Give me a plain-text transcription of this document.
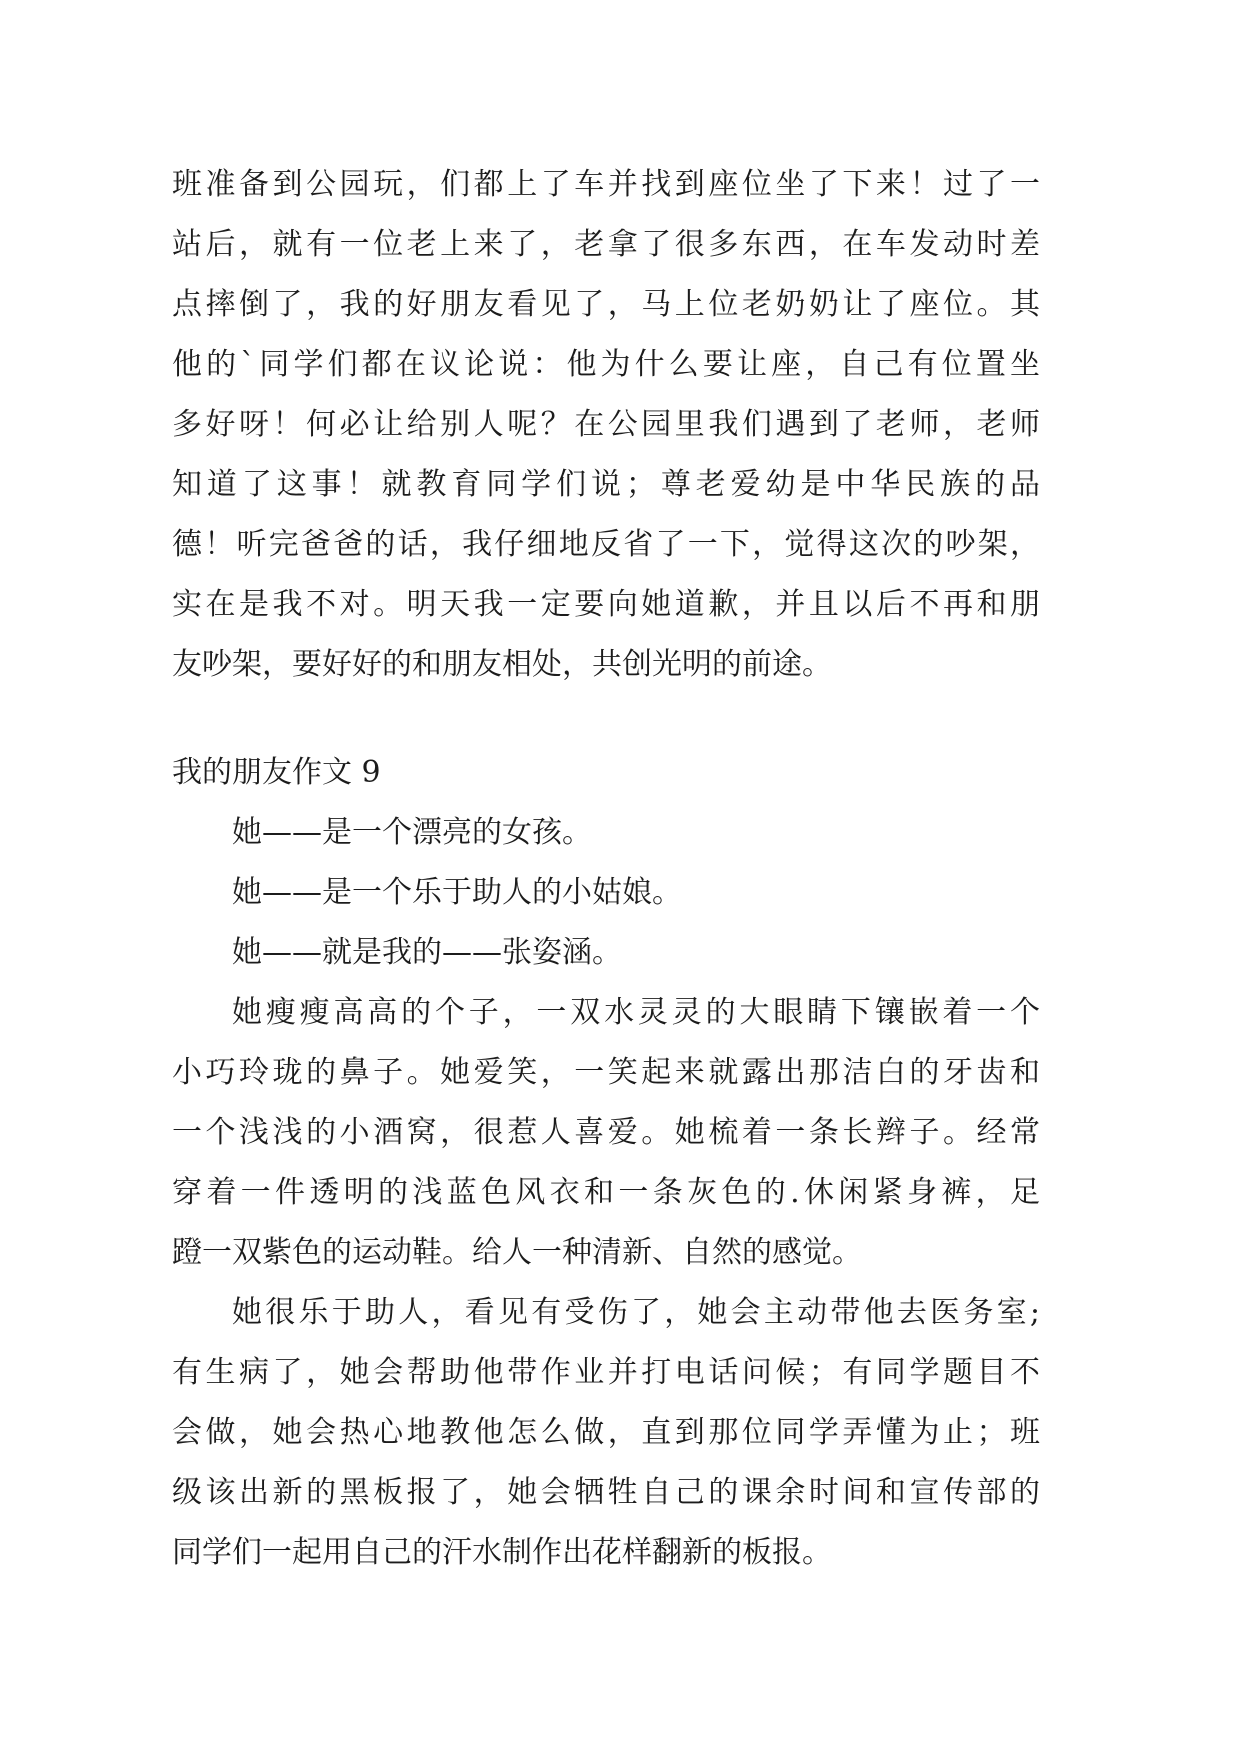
班准备到公园玩，们都上了车并找到座位坐了下来！过了一
站后，就有一位老上来了，老拿了很多东西，在车发动时差
点摔倒了，我的好朋友看见了，马上位老奶奶让了座位。其
他的`同学们都在议论说：他为什么要让座，自己有位置坐
多好呀！何必让给别人呢？在公园里我们遇到了老师，老师
知道了这事！就教育同学们说；尊老爱幼是中华民族的品
德！听完爸爸的话，我仔细地反省了一下，觉得这次的吵架，
实在是我不对。明天我一定要向她道歉，并且以后不再和朋
友吵架，要好好的和朋友相处，共创光明的前途。
我的朋友作文 9
她——是一个漂亮的女孩。
她——是一个乐于助人的小姑娘。
她——就是我的——张姿涵。
她瘦瘦高高的个子，一双水灵灵的大眼睛下镶嵌着一个
小巧玲珑的鼻子。她爱笑，一笑起来就露出那洁白的牙齿和
一个浅浅的小酒窝，很惹人喜爱。她梳着一条长辫子。经常
穿着一件透明的浅蓝色风衣和一条灰色的.休闲紧身裤，足
蹬一双紫色的运动鞋。给人一种清新、自然的感觉。
她很乐于助人，看见有受伤了，她会主动带他去医务室;
有生病了，她会帮助他带作业并打电话问候；有同学题目不
会做，她会热心地教他怎么做，直到那位同学弄懂为止；班
级该出新的黑板报了，她会牺牲自己的课余时间和宣传部的
同学们一起用自己的汗水制作出花样翻新的板报。
